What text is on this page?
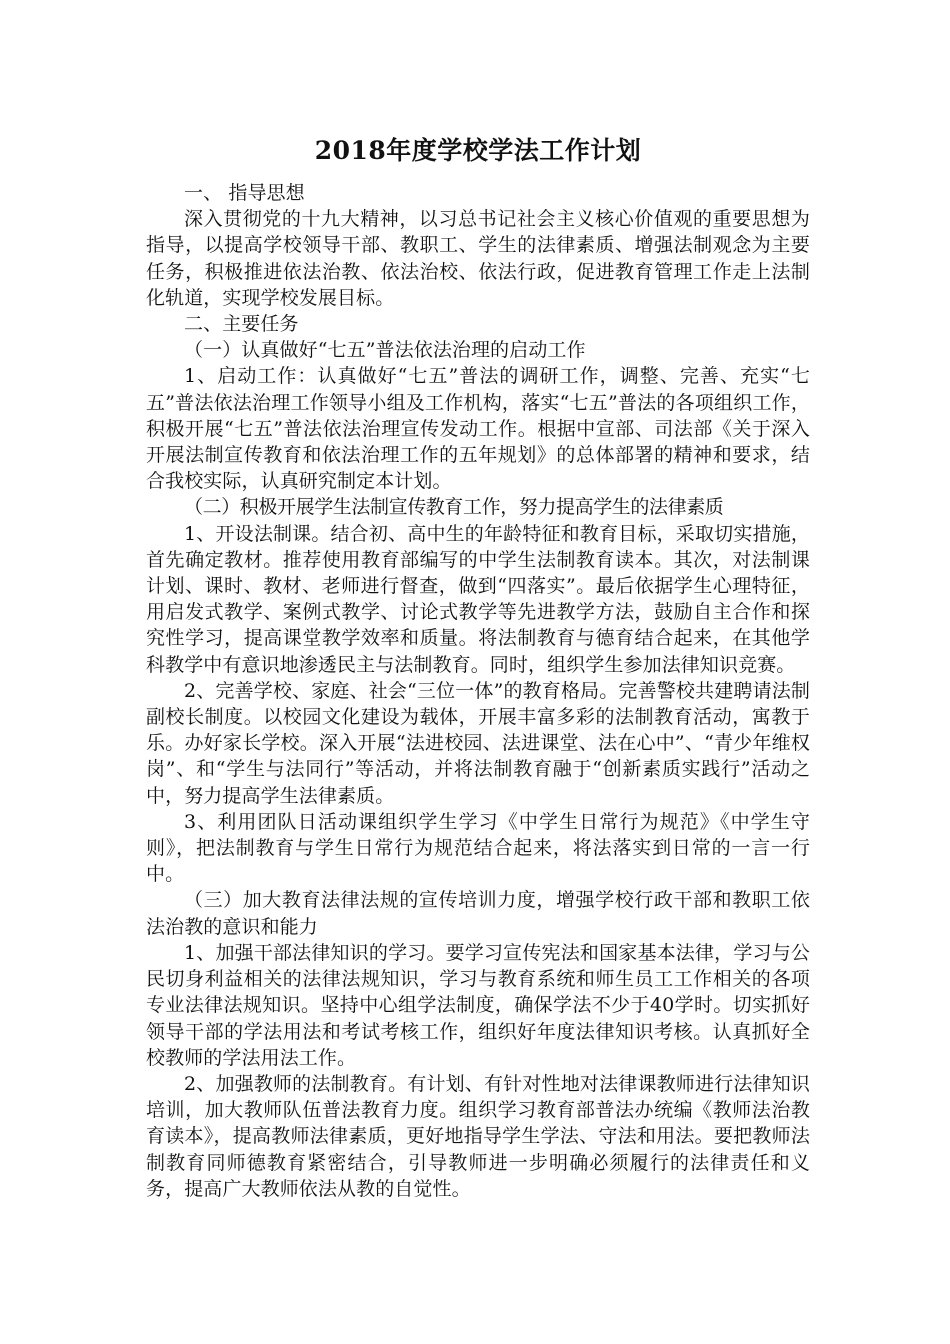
2018年度学校学法工作计划

一、 指导思想

深入贯彻党的十九大精神，以习总书记社会主义核心价值观的重要思想为指导，以提高学校领导干部、教职工、学生的法律素质、增强法制观念为主要任务，积极推进依法治教、依法治校、依法行政，促进教育管理工作走上法制化轨道，实现学校发展目标。

二、主要任务

（一）认真做好“七五”普法依法治理的启动工作

1、启动工作：认真做好“七五”普法的调研工作，调整、完善、充实“七五”普法依法治理工作领导小组及工作机构，落实“七五”普法的各项组织工作，积极开展“七五”普法依法治理宣传发动工作。根据中宣部、司法部《关于深入开展法制宣传教育和依法治理工作的五年规划》的总体部署的精神和要求，结合我校实际，认真研究制定本计划。

（二）积极开展学生法制宣传教育工作，努力提高学生的法律素质

1、开设法制课。结合初、高中生的年龄特征和教育目标，采取切实措施，首先确定教材。推荐使用教育部编写的中学生法制教育读本。其次，对法制课计划、课时、教材、老师进行督查，做到“四落实”。最后依据学生心理特征，用启发式教学、案例式教学、讨论式教学等先进教学方法，鼓励自主合作和探究性学习，提高课堂教学效率和质量。将法制教育与德育结合起来，在其他学科教学中有意识地渗透民主与法制教育。同时，组织学生参加法律知识竞赛。

2、完善学校、家庭、社会“三位一体”的教育格局。完善警校共建聘请法制副校长制度。以校园文化建设为载体，开展丰富多彩的法制教育活动，寓教于乐。办好家长学校。深入开展“法进校园、法进课堂、法在心中”、“青少年维权岗”、和“学生与法同行”等活动，并将法制教育融于“创新素质实践行”活动之中，努力提高学生法律素质。

3、利用团队日活动课组织学生学习《中学生日常行为规范》《中学生守则》，把法制教育与学生日常行为规范结合起来，将法落实到日常的一言一行中。

（三）加大教育法律法规的宣传培训力度，增强学校行政干部和教职工依法治教的意识和能力

1、加强干部法律知识的学习。要学习宣传宪法和国家基本法律，学习与公民切身利益相关的法律法规知识，学习与教育系统和师生员工工作相关的各项专业法律法规知识。坚持中心组学法制度，确保学法不少于40学时。切实抓好领导干部的学法用法和考试考核工作，组织好年度法律知识考核。认真抓好全校教师的学法用法工作。

2、加强教师的法制教育。有计划、有针对性地对法律课教师进行法律知识培训，加大教师队伍普法教育力度。组织学习教育部普法办统编《教师法治教育读本》，提高教师法律素质，更好地指导学生学法、守法和用法。要把教师法制教育同师德教育紧密结合，引导教师进一步明确必须履行的法律责任和义务，提高广大教师依法从教的自觉性。
